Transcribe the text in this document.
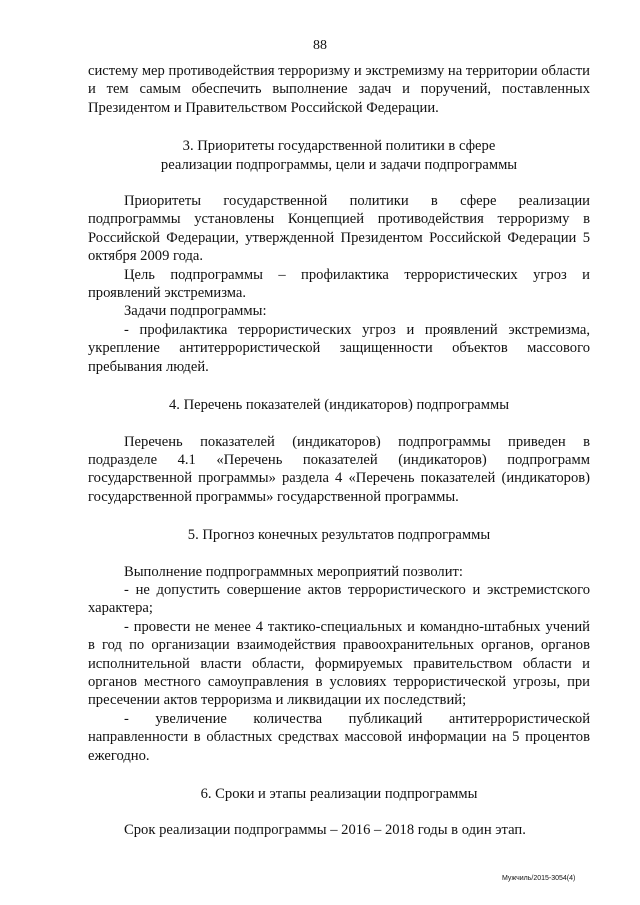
88

систему мер противодействия терроризму и экстремизму на территории области и тем самым обеспечить выполнение задач и поручений, поставленных Президентом и Правительством Российской Федерации.

3. Приоритеты государственной политики в сфере
реализации подпрограммы, цели и задачи подпрограммы

Приоритеты государственной политики в сфере реализации подпрограммы установлены Концепцией противодействия терроризму в Российской Федерации, утвержденной Президентом Российской Федерации 5 октября 2009 года.

Цель подпрограммы – профилактика террористических угроз и проявлений экстремизма.

Задачи подпрограммы:

- профилактика террористических угроз и проявлений экстремизма, укрепление антитеррористической защищенности объектов массового пребывания людей.

4. Перечень показателей (индикаторов) подпрограммы

Перечень показателей (индикаторов) подпрограммы приведен в подразделе 4.1 «Перечень показателей (индикаторов) подпрограмм государственной программы» раздела 4 «Перечень показателей (индикаторов) государственной программы» государственной программы.

5. Прогноз конечных результатов подпрограммы

Выполнение подпрограммных мероприятий позволит:

- не допустить совершение актов террористического и экстремистского характера;

- провести не менее 4 тактико-специальных и командно-штабных учений в год по организации взаимодействия правоохранительных органов, органов исполнительной власти области, формируемых правительством области и органов местного самоуправления в условиях террористической угрозы, при пресечении актов терроризма и ликвидации их последствий;

- увеличение количества публикаций антитеррористической направленности в областных средствах массовой информации на 5 процентов ежегодно.

6. Сроки и этапы реализации подпрограммы

Срок реализации подпрограммы – 2016 – 2018 годы в один этап.

Мужчиль/2015-3054(4)
